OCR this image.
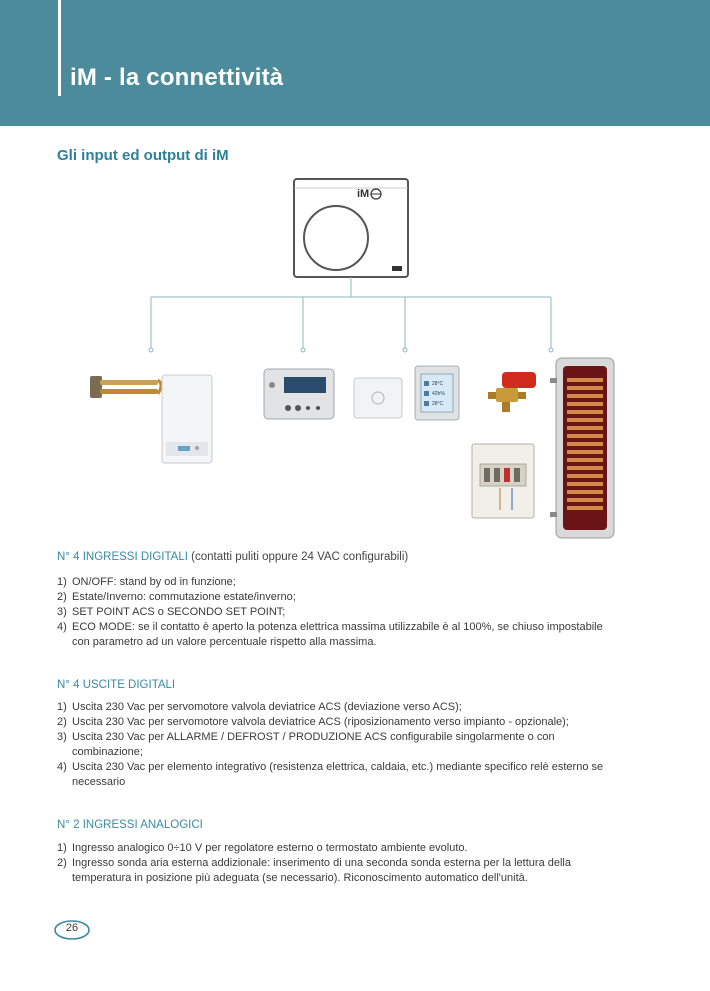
iM - la connettività
Gli input ed output di iM
iM
28°C
42h%
28°C
N° 4 INGRESSI DIGITALI (contatti puliti oppure 24 VAC configurabili)
1) ON/OFF: stand by od in funzione;
2) Estate/Inverno: commutazione estate/inverno;
3) SET POINT ACS o SECONDO SET POINT;
4) ECO MODE: se il contatto è aperto la potenza elettrica massima utilizzabile è al 100%, se chiuso impostabile con parametro ad un valore percentuale rispetto alla massima.
N° 4 USCITE DIGITALI
1) Uscita 230 Vac per servomotore valvola deviatrice ACS (deviazione verso ACS);
2) Uscita 230 Vac per servomotore valvola deviatrice ACS (riposizionamento verso impianto - opzionale);
3) Uscita 230 Vac per ALLARME / DEFROST / PRODUZIONE ACS configurabile singolarmente o con combinazione;
4) Uscita 230 Vac per elemento integrativo (resistenza elettrica, caldaia, etc.) mediante specifico relè esterno se necessario
N° 2 INGRESSI ANALOGICI
1) Ingresso analogico 0÷10 V per regolatore esterno o termostato ambiente evoluto.
2) Ingresso sonda aria esterna addizionale: inserimento di una seconda sonda esterna per la lettura della temperatura in posizione più adeguata (se necessario). Riconoscimento automatico dell'unità.
26
